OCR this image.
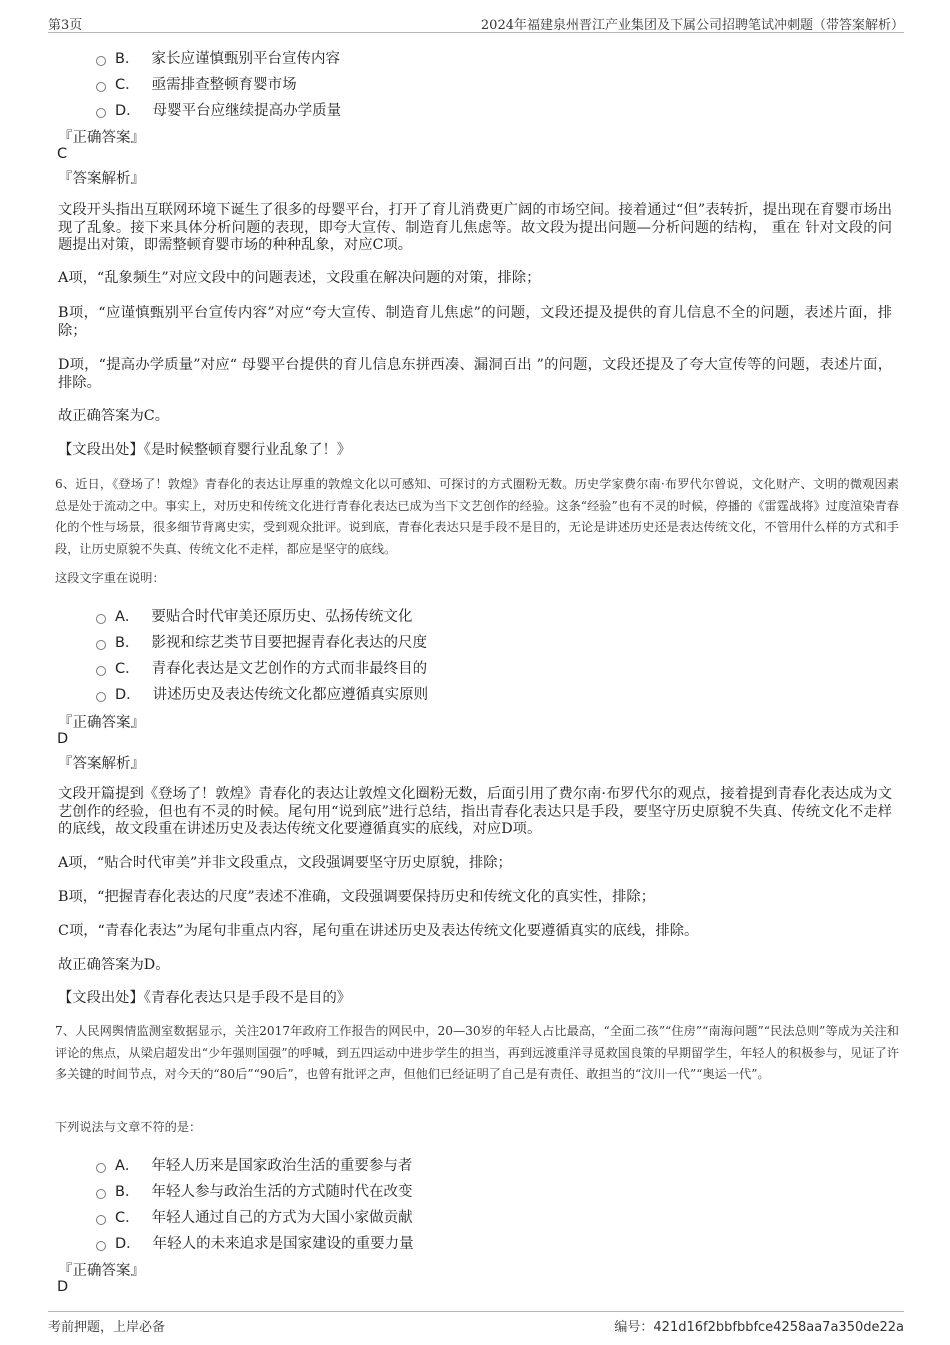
第3页	2024年福建泉州晋江产业集团及下属公司招聘笔试冲刺题（带答案解析）
B． 家长应谨慎甄别平台宣传内容
C． 亟需排查整顿育婴市场
D． 母婴平台应继续提高办学质量
『正确答案』
C
『答案解析』
文段开头指出互联网环境下诞生了很多的母婴平台，打开了育儿消费更广阔的市场空间。接着通过“但”表转折，提出现在育婴市场出现了乱象。接下来具体分析问题的表现，即夸大宣传、制造育儿焦虑等。故文段为提出问题—分析问题的结构， 重在 针对文段的问题提出对策，即需整顿育婴市场的种种乱象，对应C项。
A项，“乱象频生”对应文段中的问题表述，文段重在解决问题的对策，排除；
B项，“应谨慎甄别平台宣传内容”对应“夸大宣传、制造育儿焦虑”的问题，文段还提及提供的育儿信息不全的问题，表述片面，排除；
D项，“提高办学质量”对应“ 母婴平台提供的育儿信息东拼西凑、漏洞百出 ”的问题，文段还提及了夸大宣传等的问题，表述片面，排除。
故正确答案为C。
【文段出处】《是时候整顿育婴行业乱象了！》
6、近日，《登场了！敦煌》青春化的表达让厚重的敦煌文化以可感知、可探讨的方式圈粉无数。历史学家费尔南·布罗代尔曾说，文化财产、文明的微观因素总是处于流动之中。事实上，对历史和传统文化进行青春化表达已成为当下文艺创作的经验。这条“经验”也有不灵的时候，停播的《雷霆战将》过度渲染青春化的个性与场景，很多细节背离史实，受到观众批评。说到底，青春化表达只是手段不是目的，无论是讲述历史还是表达传统文化，不管用什么样的方式和手段，让历史原貌不失真、传统文化不走样，都应是坚守的底线。
这段文字重在说明：
A． 要贴合时代审美还原历史、弘扬传统文化
B． 影视和综艺类节目要把握青春化表达的尺度
C． 青春化表达是文艺创作的方式而非最终目的
D． 讲述历史及表达传统文化都应遵循真实原则
『正确答案』
D
『答案解析』
文段开篇提到《登场了！敦煌》青春化的表达让敦煌文化圈粉无数，后面引用了费尔南·布罗代尔的观点，接着提到青春化表达成为文艺创作的经验，但也有不灵的时候。尾句用“说到底”进行总结，指出青春化表达只是手段，要坚守历史原貌不失真、传统文化不走样的底线，故文段重在讲述历史及表达传统文化要遵循真实的底线，对应D项。
A项，“贴合时代审美”并非文段重点，文段强调要坚守历史原貌，排除；
B项，“把握青春化表达的尺度”表述不准确，文段强调要保持历史和传统文化的真实性，排除；
C项，“青春化表达”为尾句非重点内容，尾句重在讲述历史及表达传统文化要遵循真实的底线，排除。
故正确答案为D。
【文段出处】《青春化表达只是手段不是目的》
7、人民网舆情监测室数据显示，关注2017年政府工作报告的网民中，20—30岁的年轻人占比最高，“全面二孩”“住房”“南海问题”“民法总则”等成为关注和评论的焦点，从梁启超发出“少年强则国强”的呼喊，到五四运动中进步学生的担当，再到远渡重洋寻觅救国良策的早期留学生，年轻人的积极参与，见证了许多关键的时间节点，对今天的“80后”“90后”，也曾有批评之声，但他们已经证明了自己是有责任、敢担当的“汶川一代”“奥运一代”。
下列说法与文章不符的是：
A． 年轻人历来是国家政治生活的重要参与者
B． 年轻人参与政治生活的方式随时代在改变
C． 年轻人通过自己的方式为大国小家做贡献
D． 年轻人的未来追求是国家建设的重要力量
『正确答案』
D
考前押题，上岸必备	编号：421d16f2bbfbbfce4258aa7a350de22a
